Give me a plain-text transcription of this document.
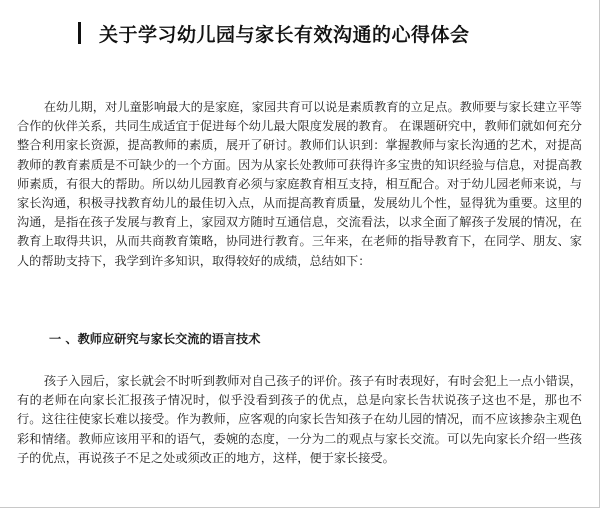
关于学习幼儿园与家长有效沟通的心得体会

在幼儿期，对儿童影响最大的是家庭，家园共育可以说是素质教育的立足点。教师要与家长建立平等合作的伙伴关系，共同生成适宜于促进每个幼儿最大限度发展的教育。 在课题研究中，教师们就如何充分整合利用家长资源，提高教师的素质，展开了研讨。教师们认识到：掌握教师与家长沟通的艺术，对提高教师的教育素质是不可缺少的一个方面。因为从家长处教师可获得许多宝贵的知识经验与信息，对提高教师素质，有很大的帮助。所以幼儿园教育必须与家庭教育相互支持，相互配合。对于幼儿园老师来说，与家长沟通，积极寻找教育幼儿的最佳切入点，从而提高教育质量，发展幼儿个性，显得犹为重要。这里的沟通，是指在孩子发展与教育上，家园双方随时互通信息，交流看法，以求全面了解孩子发展的情况，在教育上取得共识，从而共商教育策略，协同进行教育。三年来，在老师的指导教育下，在同学、朋友、家人的帮助支持下，我学到许多知识，取得较好的成绩，总结如下：

一 、教师应研究与家长交流的语言技术

孩子入园后，家长就会不时听到教师对自己孩子的评价。孩子有时表现好，有时会犯上一点小错误，有的老师在向家长汇报孩子情况时，似乎没看到孩子的优点，总是向家长告状说孩子这也不是，那也不行。这往往使家长难以接受。作为教师，应客观的向家长告知孩子在幼儿园的情况，而不应该掺杂主观色彩和情绪。教师应该用平和的语气，委婉的态度，一分为二的观点与家长交流。可以先向家长介绍一些孩子的优点，再说孩子不足之处或须改正的地方，这样，便于家长接受。
